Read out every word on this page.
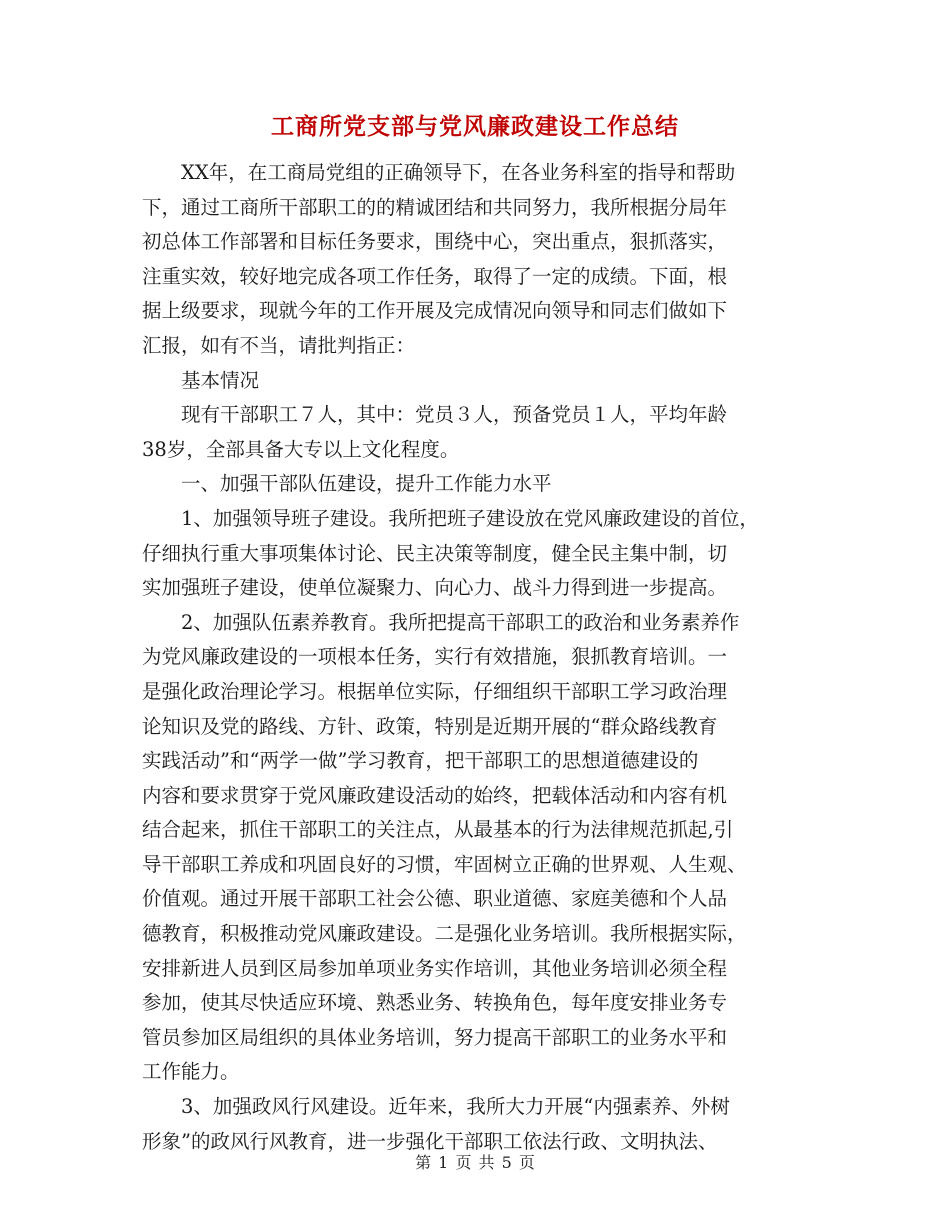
工商所党支部与党风廉政建设工作总结
　　XX年，在工商局党组的正确领导下，在各业务科室的指导和帮助
下，通过工商所干部职工的的精诚团结和共同努力，我所根据分局年
初总体工作部署和目标任务要求，围绕中心，突出重点，狠抓落实，
注重实效，较好地完成各项工作任务，取得了一定的成绩。下面，根
据上级要求，现就今年的工作开展及完成情况向领导和同志们做如下
汇报，如有不当，请批判指正：
　　基本情况
　　现有干部职工７人，其中：党员３人，预备党员１人，平均年龄
38岁，全部具备大专以上文化程度。
　　一、加强干部队伍建设，提升工作能力水平
　　1、加强领导班子建设。我所把班子建设放在党风廉政建设的首位，
仔细执行重大事项集体讨论、民主决策等制度，健全民主集中制，切
实加强班子建设，使单位凝聚力、向心力、战斗力得到进一步提高。
　　2、加强队伍素养教育。我所把提高干部职工的政治和业务素养作
为党风廉政建设的一项根本任务，实行有效措施，狠抓教育培训。一
是强化政治理论学习。根据单位实际，仔细组织干部职工学习政治理
论知识及党的路线、方针、政策，特别是近期开展的“群众路线教育
实践活动”和“两学一做”学习教育，把干部职工的思想道德建设的
内容和要求贯穿于党风廉政建设活动的始终，把载体活动和内容有机
结合起来，抓住干部职工的关注点，从最基本的行为法律规范抓起,引
导干部职工养成和巩固良好的习惯，牢固树立正确的世界观、人生观、
价值观。通过开展干部职工社会公德、职业道德、家庭美德和个人品
德教育，积极推动党风廉政建设。二是强化业务培训。我所根据实际，
安排新进人员到区局参加单项业务实作培训，其他业务培训必须全程
参加，使其尽快适应环境、熟悉业务、转换角色，每年度安排业务专
管员参加区局组织的具体业务培训，努力提高干部职工的业务水平和
工作能力。
　　3、加强政风行风建设。近年来，我所大力开展“内强素养、外树
形象”的政风行风教育，进一步强化干部职工依法行政、文明执法、
第 1 页 共 5 页
